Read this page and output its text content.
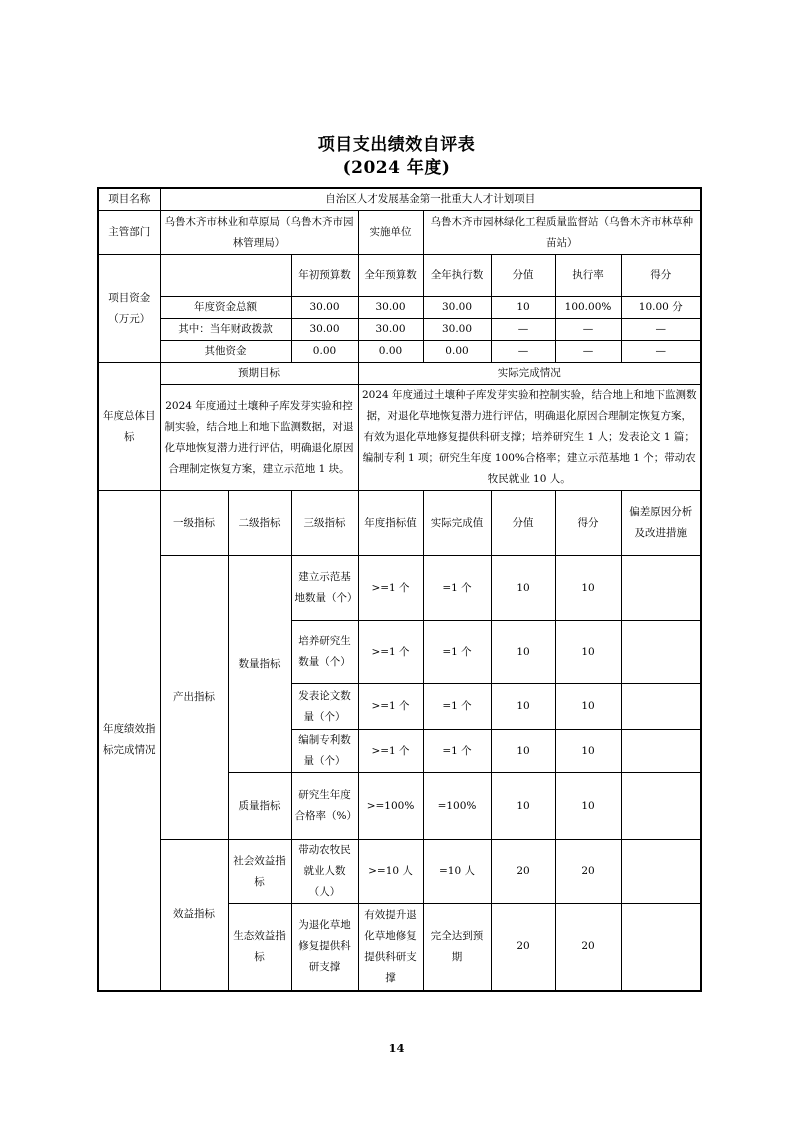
项目支出绩效自评表
(2024 年度)
项目名称	自治区人才发展基金第一批重大人才计划项目							
主管部门	乌鲁木齐市林业和草原局（乌鲁木齐市园林管理局）			实施单位	乌鲁木齐市园林绿化工程质量监督站（乌鲁木齐市林草种苗站）			
项目资金（万元）			年初预算数	全年预算数	全年执行数	分值	执行率	得分
	年度资金总额		30.00	30.00	30.00	10	100.00%	10.00 分
	其中：当年财政拨款		30.00	30.00	30.00	—	—	—
	其他资金		0.00	0.00	0.00	—	—	—
年度总体目标	预期目标			实际完成情况				
	2024 年度通过土壤种子库发芽实验和控制实验，结合地上和地下监测数据，对退化草地恢复潜力进行评估，明确退化原因合理制定恢复方案，建立示范地 1 块。			2024 年度通过土壤种子库发芽实验和控制实验，结合地上和地下监测数据，对退化草地恢复潜力进行评估，明确退化原因合理制定恢复方案，有效为退化草地修复提供科研支撑；培养研究生 1 人；发表论文 1 篇；编制专利 1 项；研究生年度 100%合格率；建立示范基地 1 个；带动农牧民就业 10 人。				
年度绩效指标完成情况	一级指标	二级指标	三级指标	年度指标值	实际完成值	分值	得分	偏差原因分析及改进措施
	产出指标	数量指标	建立示范基地数量（个）	>=1 个	=1 个	10	10	
			培养研究生数量（个）	>=1 个	=1 个	10	10	
			发表论文数量（个）	>=1 个	=1 个	10	10	
			编制专利数量（个）	>=1 个	=1 个	10	10	
		质量指标	研究生年度合格率（%）	>=100%	=100%	10	10	
	效益指标	社会效益指标	带动农牧民就业人数（人）	>=10 人	=10 人	20	20	
		生态效益指标	为退化草地修复提供科研支撑	有效提升退化草地修复提供科研支撑	完全达到预期	20	20	
14
